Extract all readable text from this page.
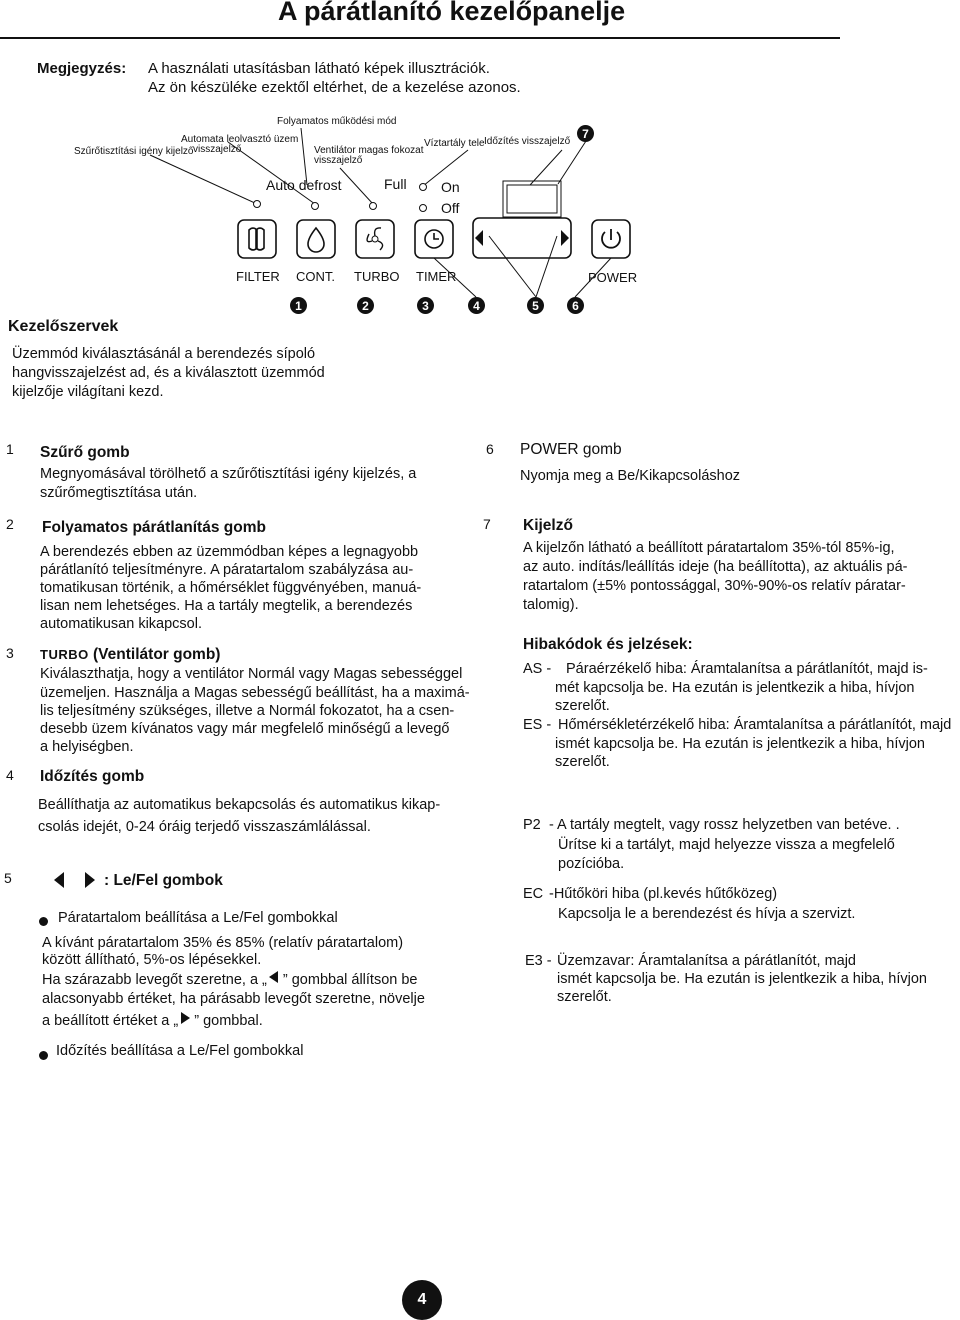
A párátlanító kezelőpanelje
Megjegyzés: A használati utasításban látható képek illusztrációk.
Az ön készüléke ezektől eltérhet, de a kezelése azonos.
Szűrőtisztítási igény kijelző
Automata leolvasztó üzem
visszajelző
Folyamatos működési mód
Ventilátor magas fokozat
visszajelző
Víztartály tele Időzítés visszajelző
Auto defrost	Full On
Off
FILTER CONT. TURBO TIMER	POWER
1	2	3	4	5	6
7
Kezelőszervek
Üzemmód kiválasztásánál a berendezés sípoló
hangvisszajelzést ad, és a kiválasztott üzemmód
kijelzője világítani kezd.
1 Szűrő gomb
Megnyomásával törölhető a szűrőtisztítási igény kijelzés, a
szűrőmegtisztítása után.
2 Folyamatos párátlanítás gomb
A berendezés ebben az üzemmódban képes a legnagyobb
párátlanító teljesítményre. A páratartalom szabályzása au-
tomatikusan történik, a hőmérséklet függvényében, manuá-
lisan nem lehetséges. Ha a tartály megtelik, a berendezés
automatikusan kikapcsol.
3 TURBO (Ventilátor gomb)
Kiválaszthatja, hogy a ventilátor Normál vagy Magas sebességgel
üzemeljen. Használja a Magas sebességű beállítást, ha a maximá-
lis teljesítmény szükséges, illetve a Normál fokozatot, ha a csen-
desebb üzem kívánatos vagy már megfelelő minőségű a levegő
a helyiségben.
4 Időzítés gomb
Beállíthatja az automatikus bekapcsolás és automatikus kikap-
csolás idejét, 0-24 óráig terjedő visszaszámlálással.
5	: Le/Fel gombok
Páratartalom beállítása a Le/Fel gombokkal
A kívánt páratartalom 35% és 85% (relatív páratartalom)
között állítható, 5%-os lépésekkel.
Ha szárazabb levegőt szeretne, a „ ” gombbal állítson be
alacsonyabb értéket, ha párásabb levegőt szeretne, növelje
a beállított értéket a „ ” gombbal.
Időzítés beállítása a Le/Fel gombokkal
6 POWER gomb
Nyomja meg a Be/Kikapcsoláshoz
7 Kijelző
A kijelzőn látható a beállított páratartalom 35%-tól 85%-ig,
az auto. indítás/leállítás ideje (ha beállította), az aktuális pá-
ratartalom (±5% pontossággal, 30%-90%-os relatív páratar-
talomig).
Hibakódok és jelzések:
AS - Páraérzékelő hiba: Áramtalanítsa a párátlanítót, majd is-
mét kapcsolja be. Ha ezután is jelentkezik a hiba, hívjon
szerelőt.
ES - Hőmérsékletérzékelő hiba: Áramtalanítsa a párátlanítót, majd
ismét kapcsolja be. Ha ezután is jelentkezik a hiba, hívjon
szerelőt.
P2 - A tartály megtelt, vagy rossz helyzetben van betéve. .
Ürítse ki a tartályt, majd helyezze vissza a megfelelő
pozícióba.
EC -Hűtőköri hiba (pl.kevés hűtőközeg)
Kapcsolja le a berendezést és hívja a szervizt.
E3 - Üzemzavar: Áramtalanítsa a párátlanítót, majd
ismét kapcsolja be. Ha ezután is jelentkezik a hiba, hívjon
szerelőt.
4
